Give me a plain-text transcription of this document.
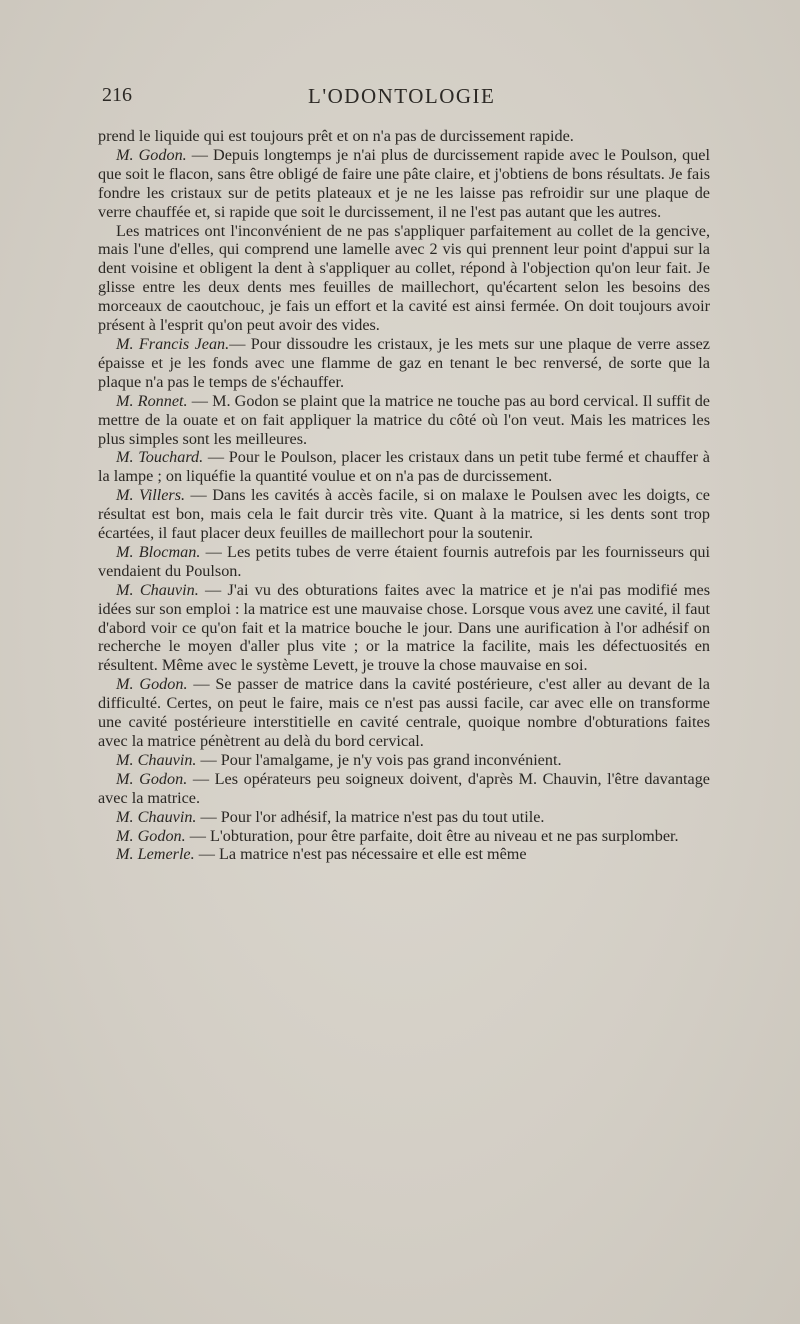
216	L'ODONTOLOGIE

prend le liquide qui est toujours prêt et on n'a pas de durcissement rapide.

M. Godon. — Depuis longtemps je n'ai plus de durcissement rapide avec le Poulson, quel que soit le flacon, sans être obligé de faire une pâte claire, et j'obtiens de bons résultats. Je fais fondre les cristaux sur de petits plateaux et je ne les laisse pas refroidir sur une plaque de verre chauffée et, si rapide que soit le durcissement, il ne l'est pas autant que les autres.

Les matrices ont l'inconvénient de ne pas s'appliquer parfaitement au collet de la gencive, mais l'une d'elles, qui comprend une lamelle avec 2 vis qui prennent leur point d'appui sur la dent voisine et obligent la dent à s'appliquer au collet, répond à l'objection qu'on leur fait. Je glisse entre les deux dents mes feuilles de maillechort, qu'écartent selon les besoins des morceaux de caoutchouc, je fais un effort et la cavité est ainsi fermée. On doit toujours avoir présent à l'esprit qu'on peut avoir des vides.

M. Francis Jean.— Pour dissoudre les cristaux, je les mets sur une plaque de verre assez épaisse et je les fonds avec une flamme de gaz en tenant le bec renversé, de sorte que la plaque n'a pas le temps de s'échauffer.

M. Ronnet. — M. Godon se plaint que la matrice ne touche pas au bord cervical. Il suffit de mettre de la ouate et on fait appliquer la matrice du côté où l'on veut. Mais les matrices les plus simples sont les meilleures.

M. Touchard. — Pour le Poulson, placer les cristaux dans un petit tube fermé et chauffer à la lampe ; on liquéfie la quantité voulue et on n'a pas de durcissement.

M. Villers. — Dans les cavités à accès facile, si on malaxe le Poulsen avec les doigts, ce résultat est bon, mais cela le fait durcir très vite. Quant à la matrice, si les dents sont trop écartées, il faut placer deux feuilles de maillechort pour la soutenir.

M. Blocman. — Les petits tubes de verre étaient fournis autrefois par les fournisseurs qui vendaient du Poulson.

M. Chauvin. — J'ai vu des obturations faites avec la matrice et je n'ai pas modifié mes idées sur son emploi : la matrice est une mauvaise chose. Lorsque vous avez une cavité, il faut d'abord voir ce qu'on fait et la matrice bouche le jour. Dans une aurification à l'or adhésif on recherche le moyen d'aller plus vite ; or la matrice la facilite, mais les défectuosités en résultent. Même avec le système Levett, je trouve la chose mauvaise en soi.

M. Godon. — Se passer de matrice dans la cavité postérieure, c'est aller au devant de la difficulté. Certes, on peut le faire, mais ce n'est pas aussi facile, car avec elle on transforme une cavité postérieure interstitielle en cavité centrale, quoique nombre d'obturations faites avec la matrice pénètrent au delà du bord cervical.

M. Chauvin. — Pour l'amalgame, je n'y vois pas grand inconvénient.

M. Godon. — Les opérateurs peu soigneux doivent, d'après M. Chauvin, l'être davantage avec la matrice.

M. Chauvin. — Pour l'or adhésif, la matrice n'est pas du tout utile.

M. Godon. — L'obturation, pour être parfaite, doit être au niveau et ne pas surplomber.

M. Lemerle. — La matrice n'est pas nécessaire et elle est même
